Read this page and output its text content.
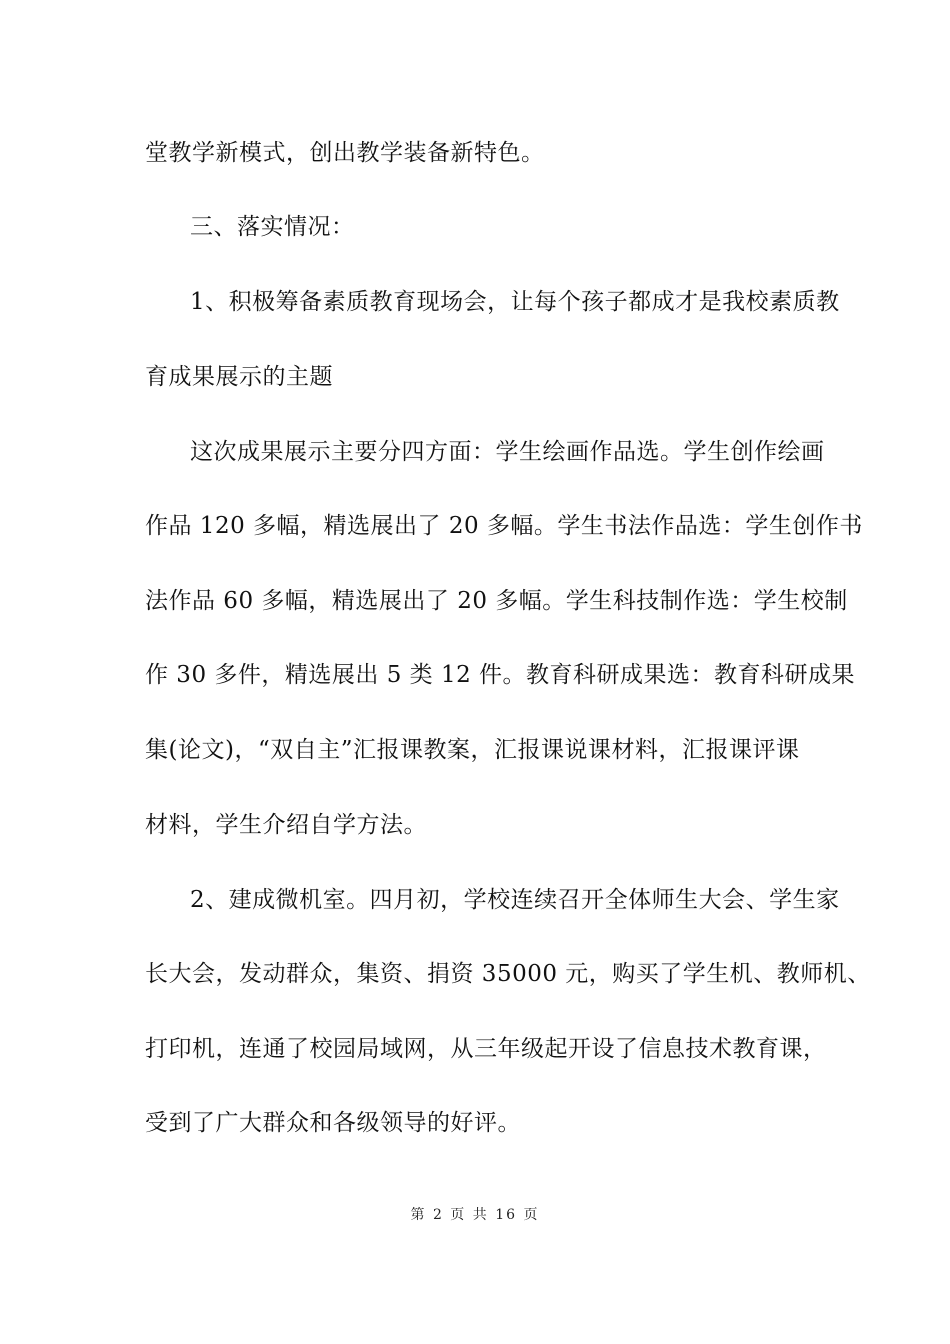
堂教学新模式，创出教学装备新特色。
三、落实情况：
1、积极筹备素质教育现场会，让每个孩子都成才是我校素质教
育成果展示的主题
这次成果展示主要分四方面：学生绘画作品选。学生创作绘画
作品 120 多幅，精选展出了 20 多幅。学生书法作品选：学生创作书
法作品 60 多幅，精选展出了 20 多幅。学生科技制作选：学生校制
作 30 多件，精选展出 5 类 12 件。教育科研成果选：教育科研成果
集(论文)，“双自主”汇报课教案，汇报课说课材料，汇报课评课
材料，学生介绍自学方法。
2、建成微机室。四月初，学校连续召开全体师生大会、学生家
长大会，发动群众，集资、捐资 35000 元，购买了学生机、教师机、
打印机，连通了校园局域网，从三年级起开设了信息技术教育课，
受到了广大群众和各级领导的好评。
第 2 页 共 16 页
